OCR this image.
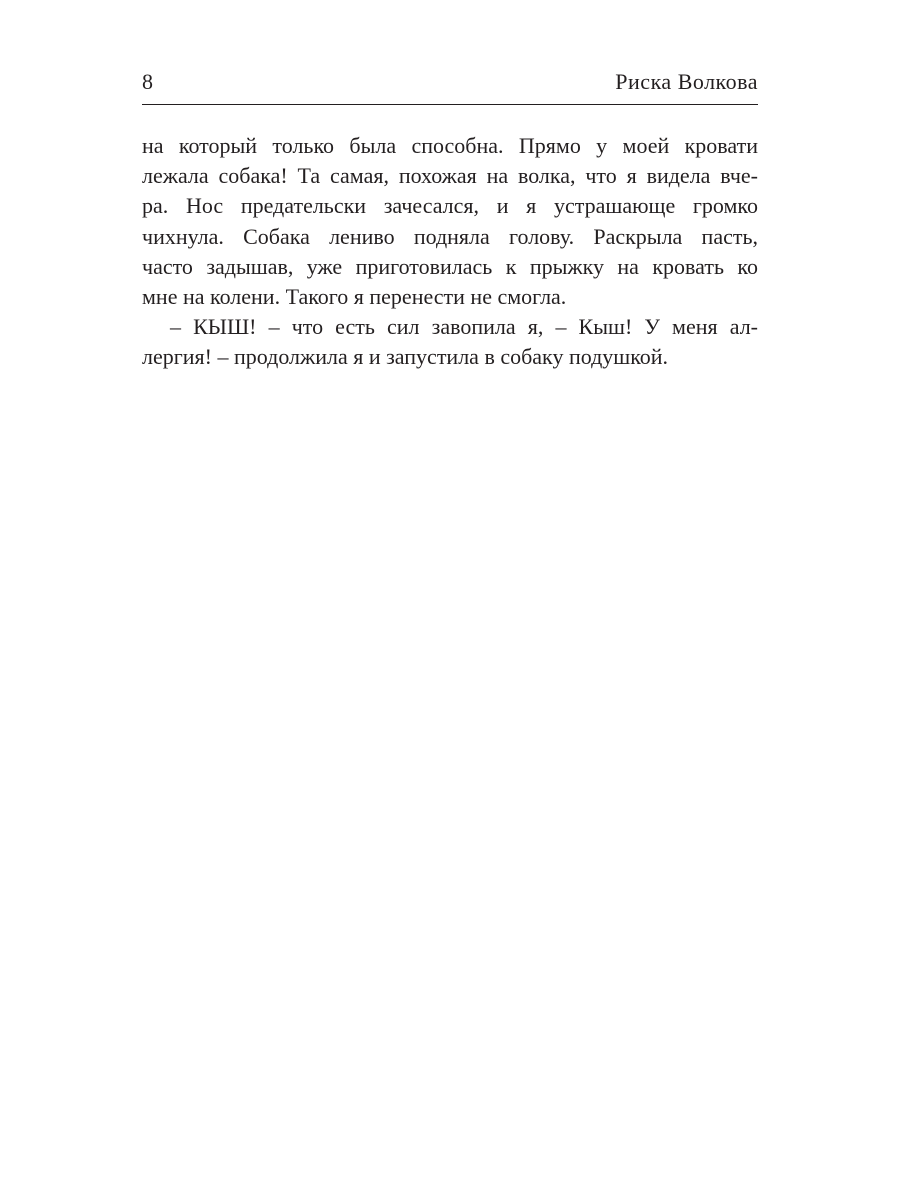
8	Риска Волкова
на который только была способна. Прямо у моей кровати
лежала собака! Та самая, похожая на волка, что я видела вче-
ра. Нос предательски зачесался, и я устрашающе громко
чихнула. Собака лениво подняла голову. Раскрыла пасть,
часто задышав, уже приготовилась к прыжку на кровать ко
мне на колени. Такого я перенести не смогла.
– КЫШ! – что есть сил завопила я, – Кыш! У меня ал-
лергия! – продолжила я и запустила в собаку подушкой.
